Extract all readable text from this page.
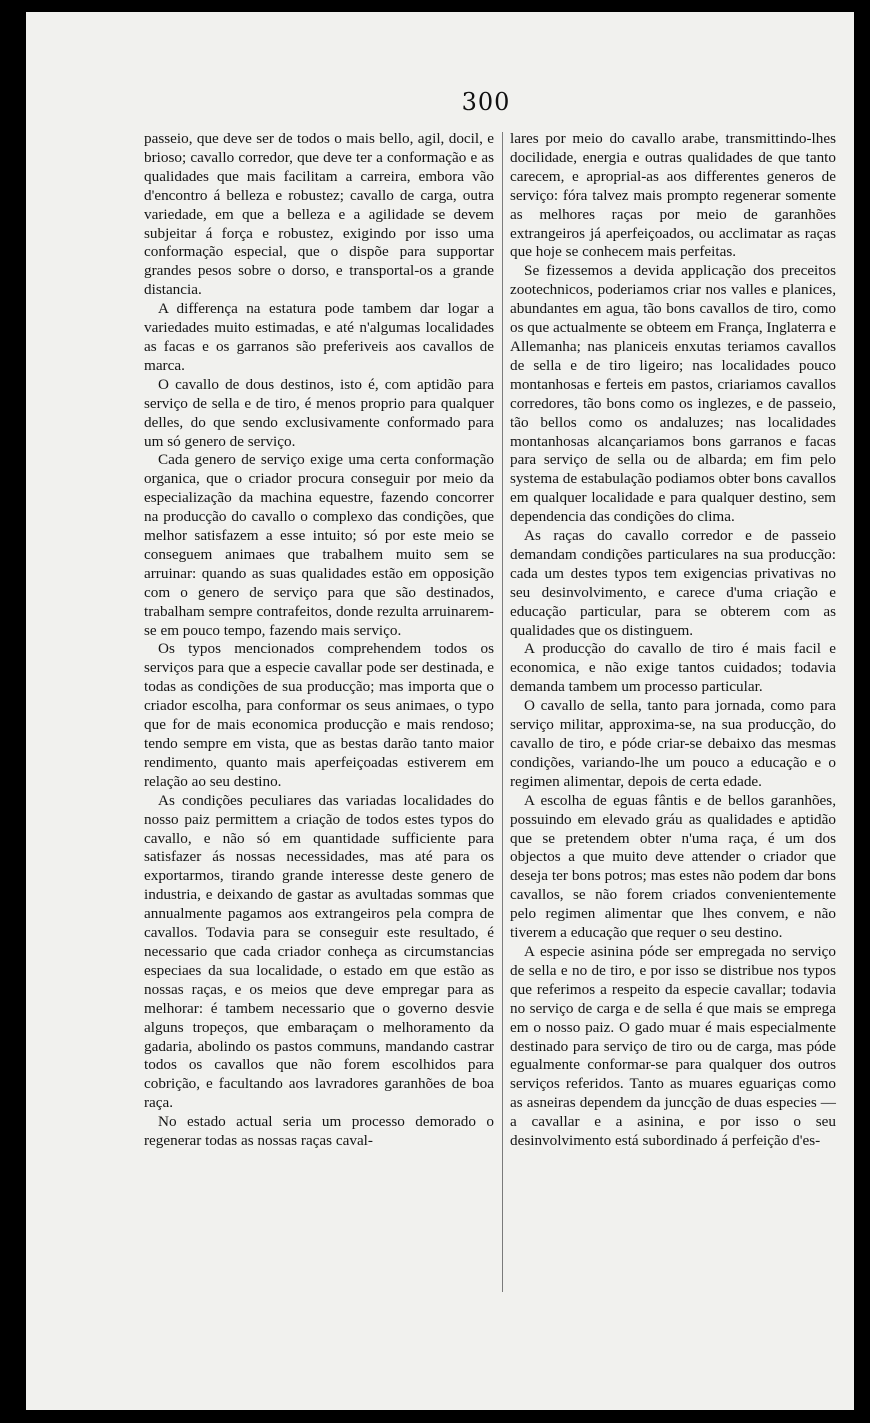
300

passeio, que deve ser de todos o mais bello, agil, docil, e brioso; cavallo corredor, que deve ter a conformação e as qualidades que mais facilitam a carreira, embora vão d'encontro á belleza e robustez; cavallo de carga, outra variedade, em que a belleza e a agilidade se devem subjeitar á força e robustez, exigindo por isso uma conformação especial, que o dispõe para supportar grandes pesos sobre o dorso, e transportal-os a grande distancia.

A differença na estatura pode tambem dar logar a variedades muito estimadas, e até n'algumas localidades as facas e os garranos são preferiveis aos cavallos de marca.

O cavallo de dous destinos, isto é, com aptidão para serviço de sella e de tiro, é menos proprio para qualquer delles, do que sendo exclusivamente conformado para um só genero de serviço.

Cada genero de serviço exige uma certa conformação organica, que o criador procura conseguir por meio da especialização da machina equestre, fazendo concorrer na producção do cavallo o complexo das condições, que melhor satisfazem a esse intuito; só por este meio se conseguem animaes que trabalhem muito sem se arruinar: quando as suas qualidades estão em opposição com o genero de serviço para que são destinados, trabalham sempre contrafeitos, donde rezulta arruinarem-se em pouco tempo, fazendo mais serviço.

Os typos mencionados comprehendem todos os serviços para que a especie cavallar pode ser destinada, e todas as condições de sua producção; mas importa que o criador escolha, para conformar os seus animaes, o typo que for de mais economica producção e mais rendoso; tendo sempre em vista, que as bestas darão tanto maior rendimento, quanto mais aperfeiçoadas estiverem em relação ao seu destino.

As condições peculiares das variadas localidades do nosso paiz permittem a criação de todos estes typos do cavallo, e não só em quantidade sufficiente para satisfazer ás nossas necessidades, mas até para os exportarmos, tirando grande interesse deste genero de industria, e deixando de gastar as avultadas sommas que annualmente pagamos aos extrangeiros pela compra de cavallos. Todavia para se conseguir este resultado, é necessario que cada criador conheça as circumstancias especiaes da sua localidade, o estado em que estão as nossas raças, e os meios que deve empregar para as melhorar: é tambem necessario que o governo desvie alguns tropeços, que embaraçam o melhoramento da gadaria, abolindo os pastos communs, mandando castrar todos os cavallos que não forem escolhidos para cobrição, e facultando aos lavradores garanhões de boa raça.

No estado actual seria um processo demorado o regenerar todas as nossas raças caval-

lares por meio do cavallo arabe, transmittindo-lhes docilidade, energia e outras qualidades de que tanto carecem, e aproprial-as aos differentes generos de serviço: fóra talvez mais prompto regenerar somente as melhores raças por meio de garanhões extrangeiros já aperfeiçoados, ou acclimatar as raças que hoje se conhecem mais perfeitas.

Se fizessemos a devida applicação dos preceitos zootechnicos, poderiamos criar nos valles e planices, abundantes em agua, tão bons cavallos de tiro, como os que actualmente se obteem em França, Inglaterra e Allemanha; nas planiceis enxutas teriamos cavallos de sella e de tiro ligeiro; nas localidades pouco montanhosas e ferteis em pastos, criariamos cavallos corredores, tão bons como os inglezes, e de passeio, tão bellos como os andaluzes; nas localidades montanhosas alcançariamos bons garranos e facas para serviço de sella ou de albarda; em fim pelo systema de estabulação podiamos obter bons cavallos em qualquer localidade e para qualquer destino, sem dependencia das condições do clima.

As raças do cavallo corredor e de passeio demandam condições particulares na sua producção: cada um destes typos tem exigencias privativas no seu desinvolvimento, e carece d'uma criação e educação particular, para se obterem com as qualidades que os distinguem.

A producção do cavallo de tiro é mais facil e economica, e não exige tantos cuidados; todavia demanda tambem um processo particular.

O cavallo de sella, tanto para jornada, como para serviço militar, approxima-se, na sua producção, do cavallo de tiro, e póde criar-se debaixo das mesmas condições, variando-lhe um pouco a educação e o regimen alimentar, depois de certa edade.

A escolha de eguas fântis e de bellos garanhões, possuindo em elevado gráu as qualidades e aptidão que se pretendem obter n'uma raça, é um dos objectos a que muito deve attender o criador que deseja ter bons potros; mas estes não podem dar bons cavallos, se não forem criados convenientemente pelo regimen alimentar que lhes convem, e não tiverem a educação que requer o seu destino.

A especie asinina póde ser empregada no serviço de sella e no de tiro, e por isso se distribue nos typos que referimos a respeito da especie cavallar; todavia no serviço de carga e de sella é que mais se emprega em o nosso paiz. O gado muar é mais especialmente destinado para serviço de tiro ou de carga, mas póde egualmente conformar-se para qualquer dos outros serviços referidos. Tanto as muares eguariças como as asneiras dependem da juncção de duas especies — a cavallar e a asinina, e por isso o seu desinvolvimento está subordinado á perfeição d'es-
